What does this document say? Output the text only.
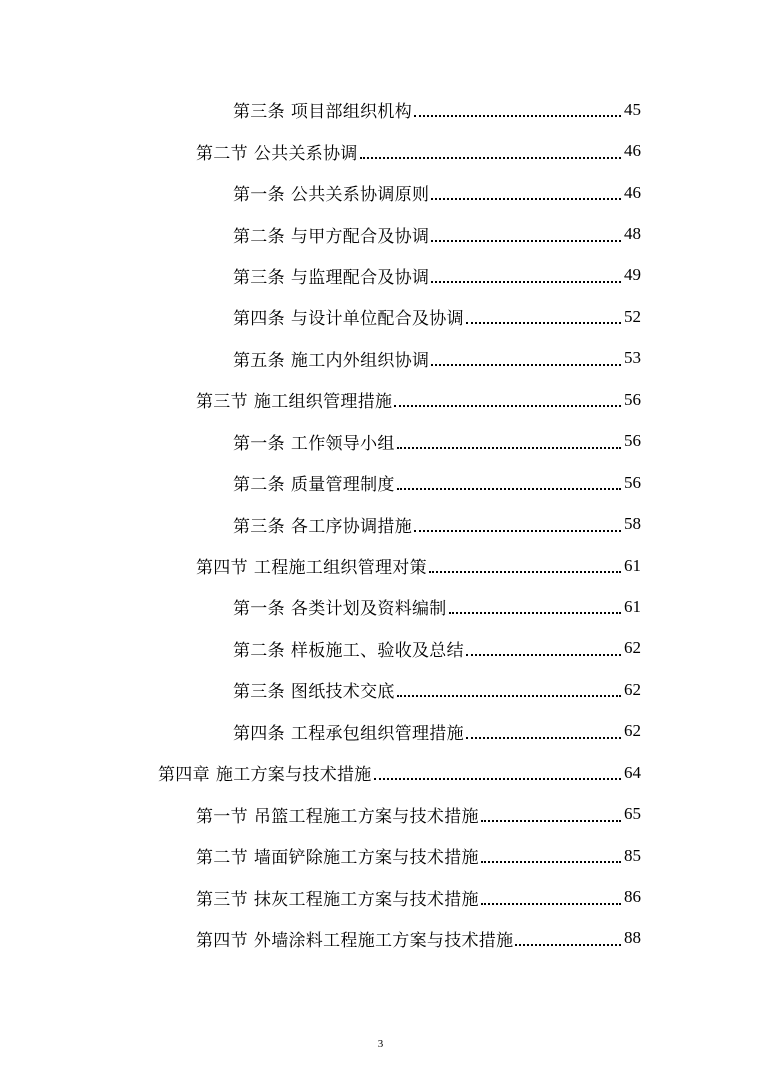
第三条 项目部组织机构	45
第二节 公共关系协调	46
第一条 公共关系协调原则	46
第二条 与甲方配合及协调	48
第三条 与监理配合及协调	49
第四条 与设计单位配合及协调	52
第五条 施工内外组织协调	53
第三节 施工组织管理措施	56
第一条 工作领导小组	56
第二条 质量管理制度	56
第三条 各工序协调措施	58
第四节 工程施工组织管理对策	61
第一条 各类计划及资料编制	61
第二条 样板施工、验收及总结	62
第三条 图纸技术交底	62
第四条 工程承包组织管理措施	62
第四章 施工方案与技术措施	64
第一节 吊篮工程施工方案与技术措施	65
第二节 墙面铲除施工方案与技术措施	85
第三节 抹灰工程施工方案与技术措施	86
第四节 外墙涂料工程施工方案与技术措施	88
3
